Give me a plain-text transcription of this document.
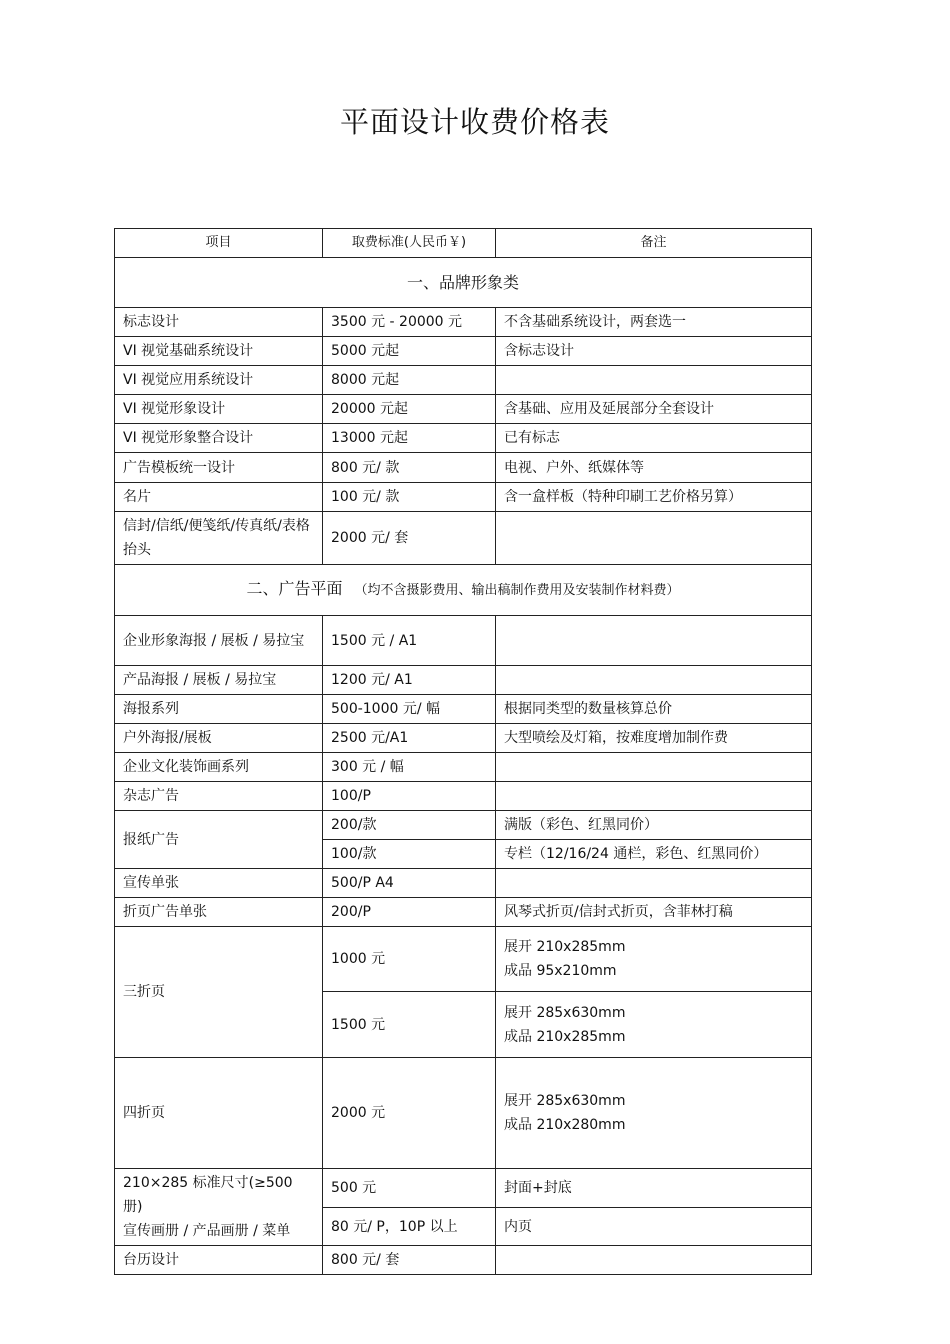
平面设计收费价格表
项目	取费标准(人民币￥)	备注
一、品牌形象类		
标志设计	3500 元 - 20000 元	不含基础系统设计，两套选一
VI 视觉基础系统设计	5000 元起	含标志设计
VI 视觉应用系统设计	8000 元起	
VI 视觉形象设计	20000 元起	含基础、应用及延展部分全套设计
VI 视觉形象整合设计	13000 元起	已有标志
广告模板统一设计	800 元/ 款	电视、户外、纸媒体等
名片	100 元/ 款	含一盒样板（特种印刷工艺价格另算）
信封/信纸/便笺纸/传真纸/表格抬头	2000 元/ 套	
二、广告平面 （均不含摄影费用、输出稿制作费用及安装制作材料费）		
企业形象海报 / 展板 / 易拉宝	1500 元 / A1	
产品海报 / 展板 / 易拉宝	1200 元/ A1	
海报系列	500-1000 元/ 幅	根据同类型的数量核算总价
户外海报/展板	2500 元/A1	大型喷绘及灯箱，按难度增加制作费
企业文化装饰画系列	300 元 / 幅	
杂志广告	100/P	
报纸广告	200/款	满版（彩色、红黑同价）
	100/款	专栏（12/16/24 通栏，彩色、红黑同价）
宣传单张	500/P A4	
折页广告单张	200/P	风琴式折页/信封式折页，含菲林打稿
三折页	1000 元	展开 210x285mm
成品 95x210mm

	1500 元	展开 285x630mm
成品 210x285mm

四折页	2000 元	展开 285x630mm
成品 210x280mm

210×285 标准尺寸(≥500 册)
宣传画册 / 产品画册 / 菜单	500 元	封面+封底
	80 元/ P，10P 以上	内页
台历设计	800 元/ 套	
